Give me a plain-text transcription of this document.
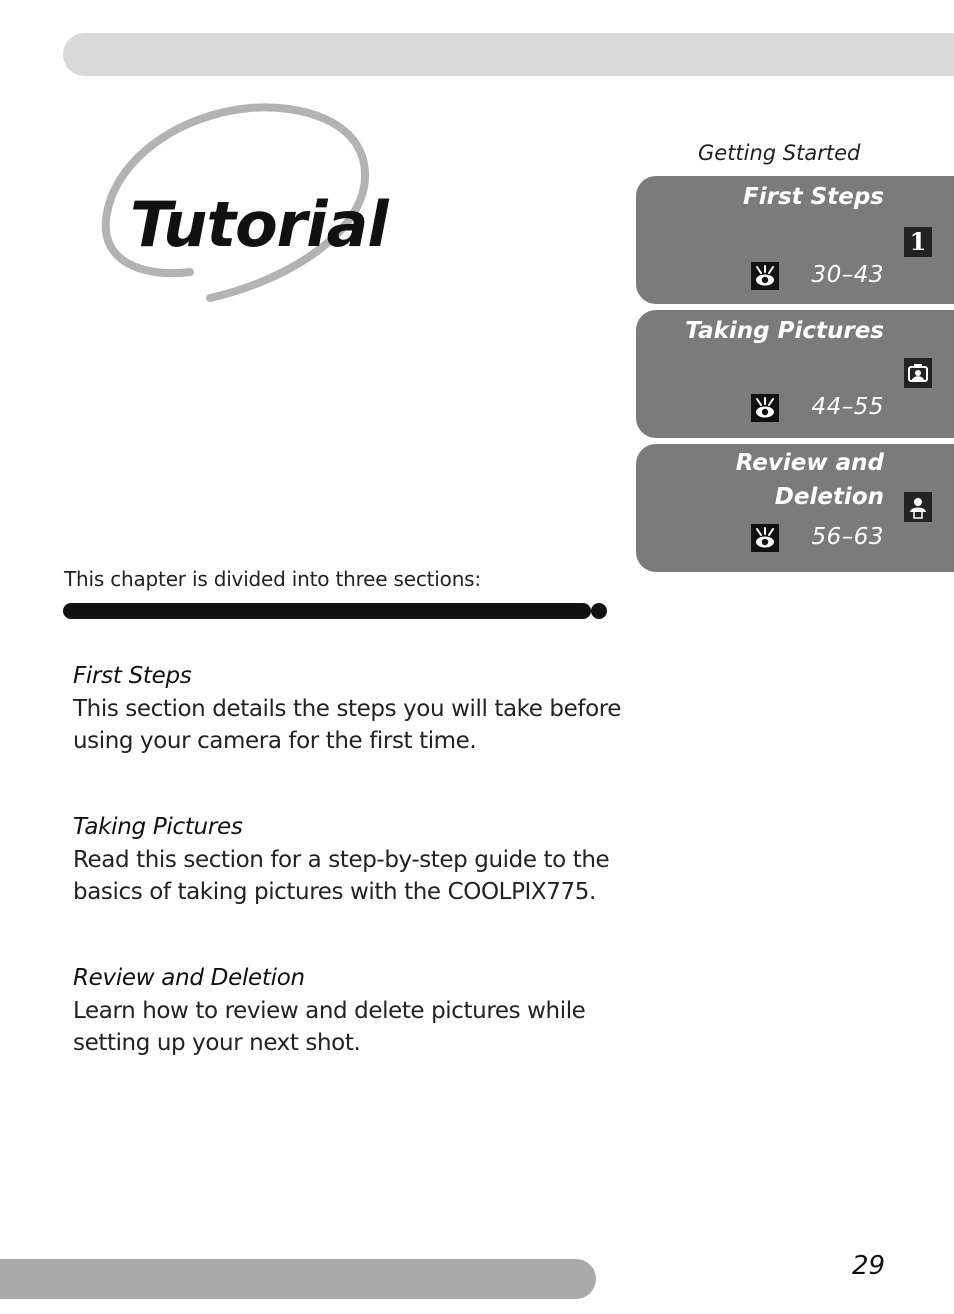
Tutorial
Getting Started
First Steps
1
30–43
Taking Pictures
44–55
Review and
Deletion
56–63
This chapter is divided into three sections:

First Steps

This section details the steps you will take before
using your camera for the first time.

Taking Pictures

Read this section for a step-by-step guide to the
basics of taking pictures with the COOLPIX775.

Review and Deletion

Learn how to review and delete pictures while
setting up your next shot.

29
